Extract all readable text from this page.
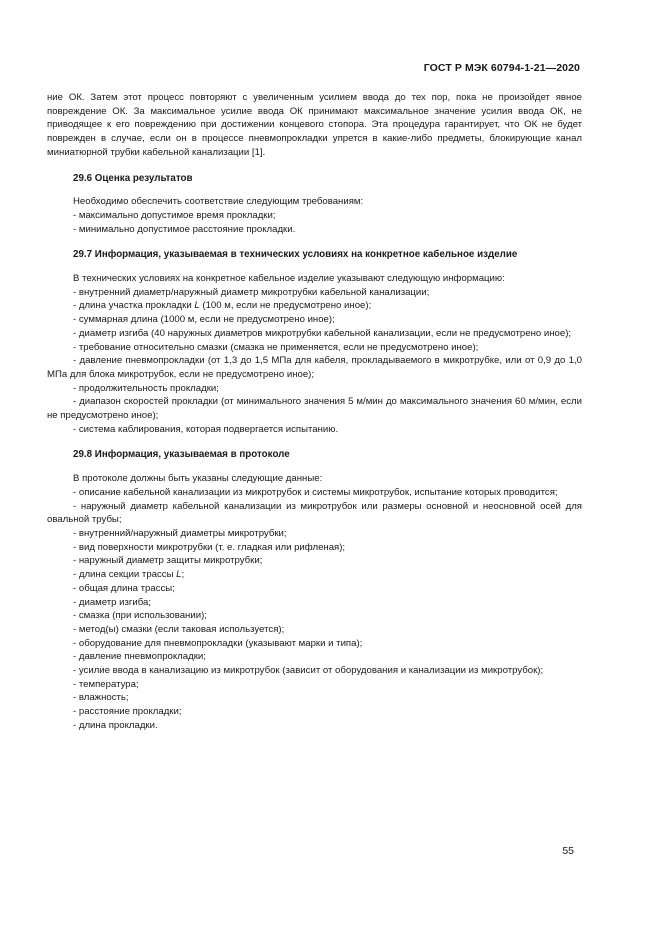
ГОСТ Р МЭК 60794-1-21—2020

ние ОК. Затем этот процесс повторяют с увеличенным усилием ввода до тех пор, пока не произойдет явное повреждение ОК. За максимальное усилие ввода ОК принимают максимальное значение усилия ввода ОК, не приводящее к его повреждению при достижении концевого стопора. Эта процедура гарантирует, что ОК не будет поврежден в случае, если он в процессе пневмопрокладки упрется в какие-либо предметы, блокирующие канал миниатюрной трубки кабельной канализации [1].

29.6 Оценка результатов

Необходимо обеспечить соответствие следующим требованиям:

- максимально допустимое время прокладки;

- минимально допустимое расстояние прокладки.

29.7 Информация, указываемая в технических условиях на конкретное кабельное изделие

В технических условиях на конкретное кабельное изделие указывают следующую информацию:

- внутренний диаметр/наружный диаметр микротрубки кабельной канализации;

- длина участка прокладки L (100 м, если не предусмотрено иное);

- суммарная длина (1000 м, если не предусмотрено иное);

- диаметр изгиба (40 наружных диаметров микротрубки кабельной канализации, если не предусмотрено иное);

- требование относительно смазки (смазка не применяется, если не предусмотрено иное);

- давление пневмопрокладки (от 1,3 до 1,5 МПа для кабеля, прокладываемого в микротрубке, или от 0,9 до 1,0 МПа для блока микротрубок, если не предусмотрено иное);

- продолжительность прокладки;

- диапазон скоростей прокладки (от минимального значения 5 м/мин до максимального значения 60 м/мин, если не предусмотрено иное);

- система каблирования, которая подвергается испытанию.

29.8 Информация, указываемая в протоколе

В протоколе должны быть указаны следующие данные:

- описание кабельной канализации из микротрубок и системы микротрубок, испытание которых проводится;

- наружный диаметр кабельной канализации из микротрубок или размеры основной и неосновной осей для овальной трубы;

- внутренний/наружный диаметры микротрубки;

- вид поверхности микротрубки (т. е. гладкая или рифленая);

- наружный диаметр защиты микротрубки;

- длина секции трассы L;

- общая длина трассы;

- диаметр изгиба;

- смазка (при использовании);

- метод(ы) смазки (если таковая используется);

- оборудование для пневмопрокладки (указывают марки и типа);

- давление пневмопрокладки;

- усилие ввода в канализацию из микротрубок (зависит от оборудования и канализации из микротрубок);

- температура;

- влажность;

- расстояние прокладки;

- длина прокладки.

55
